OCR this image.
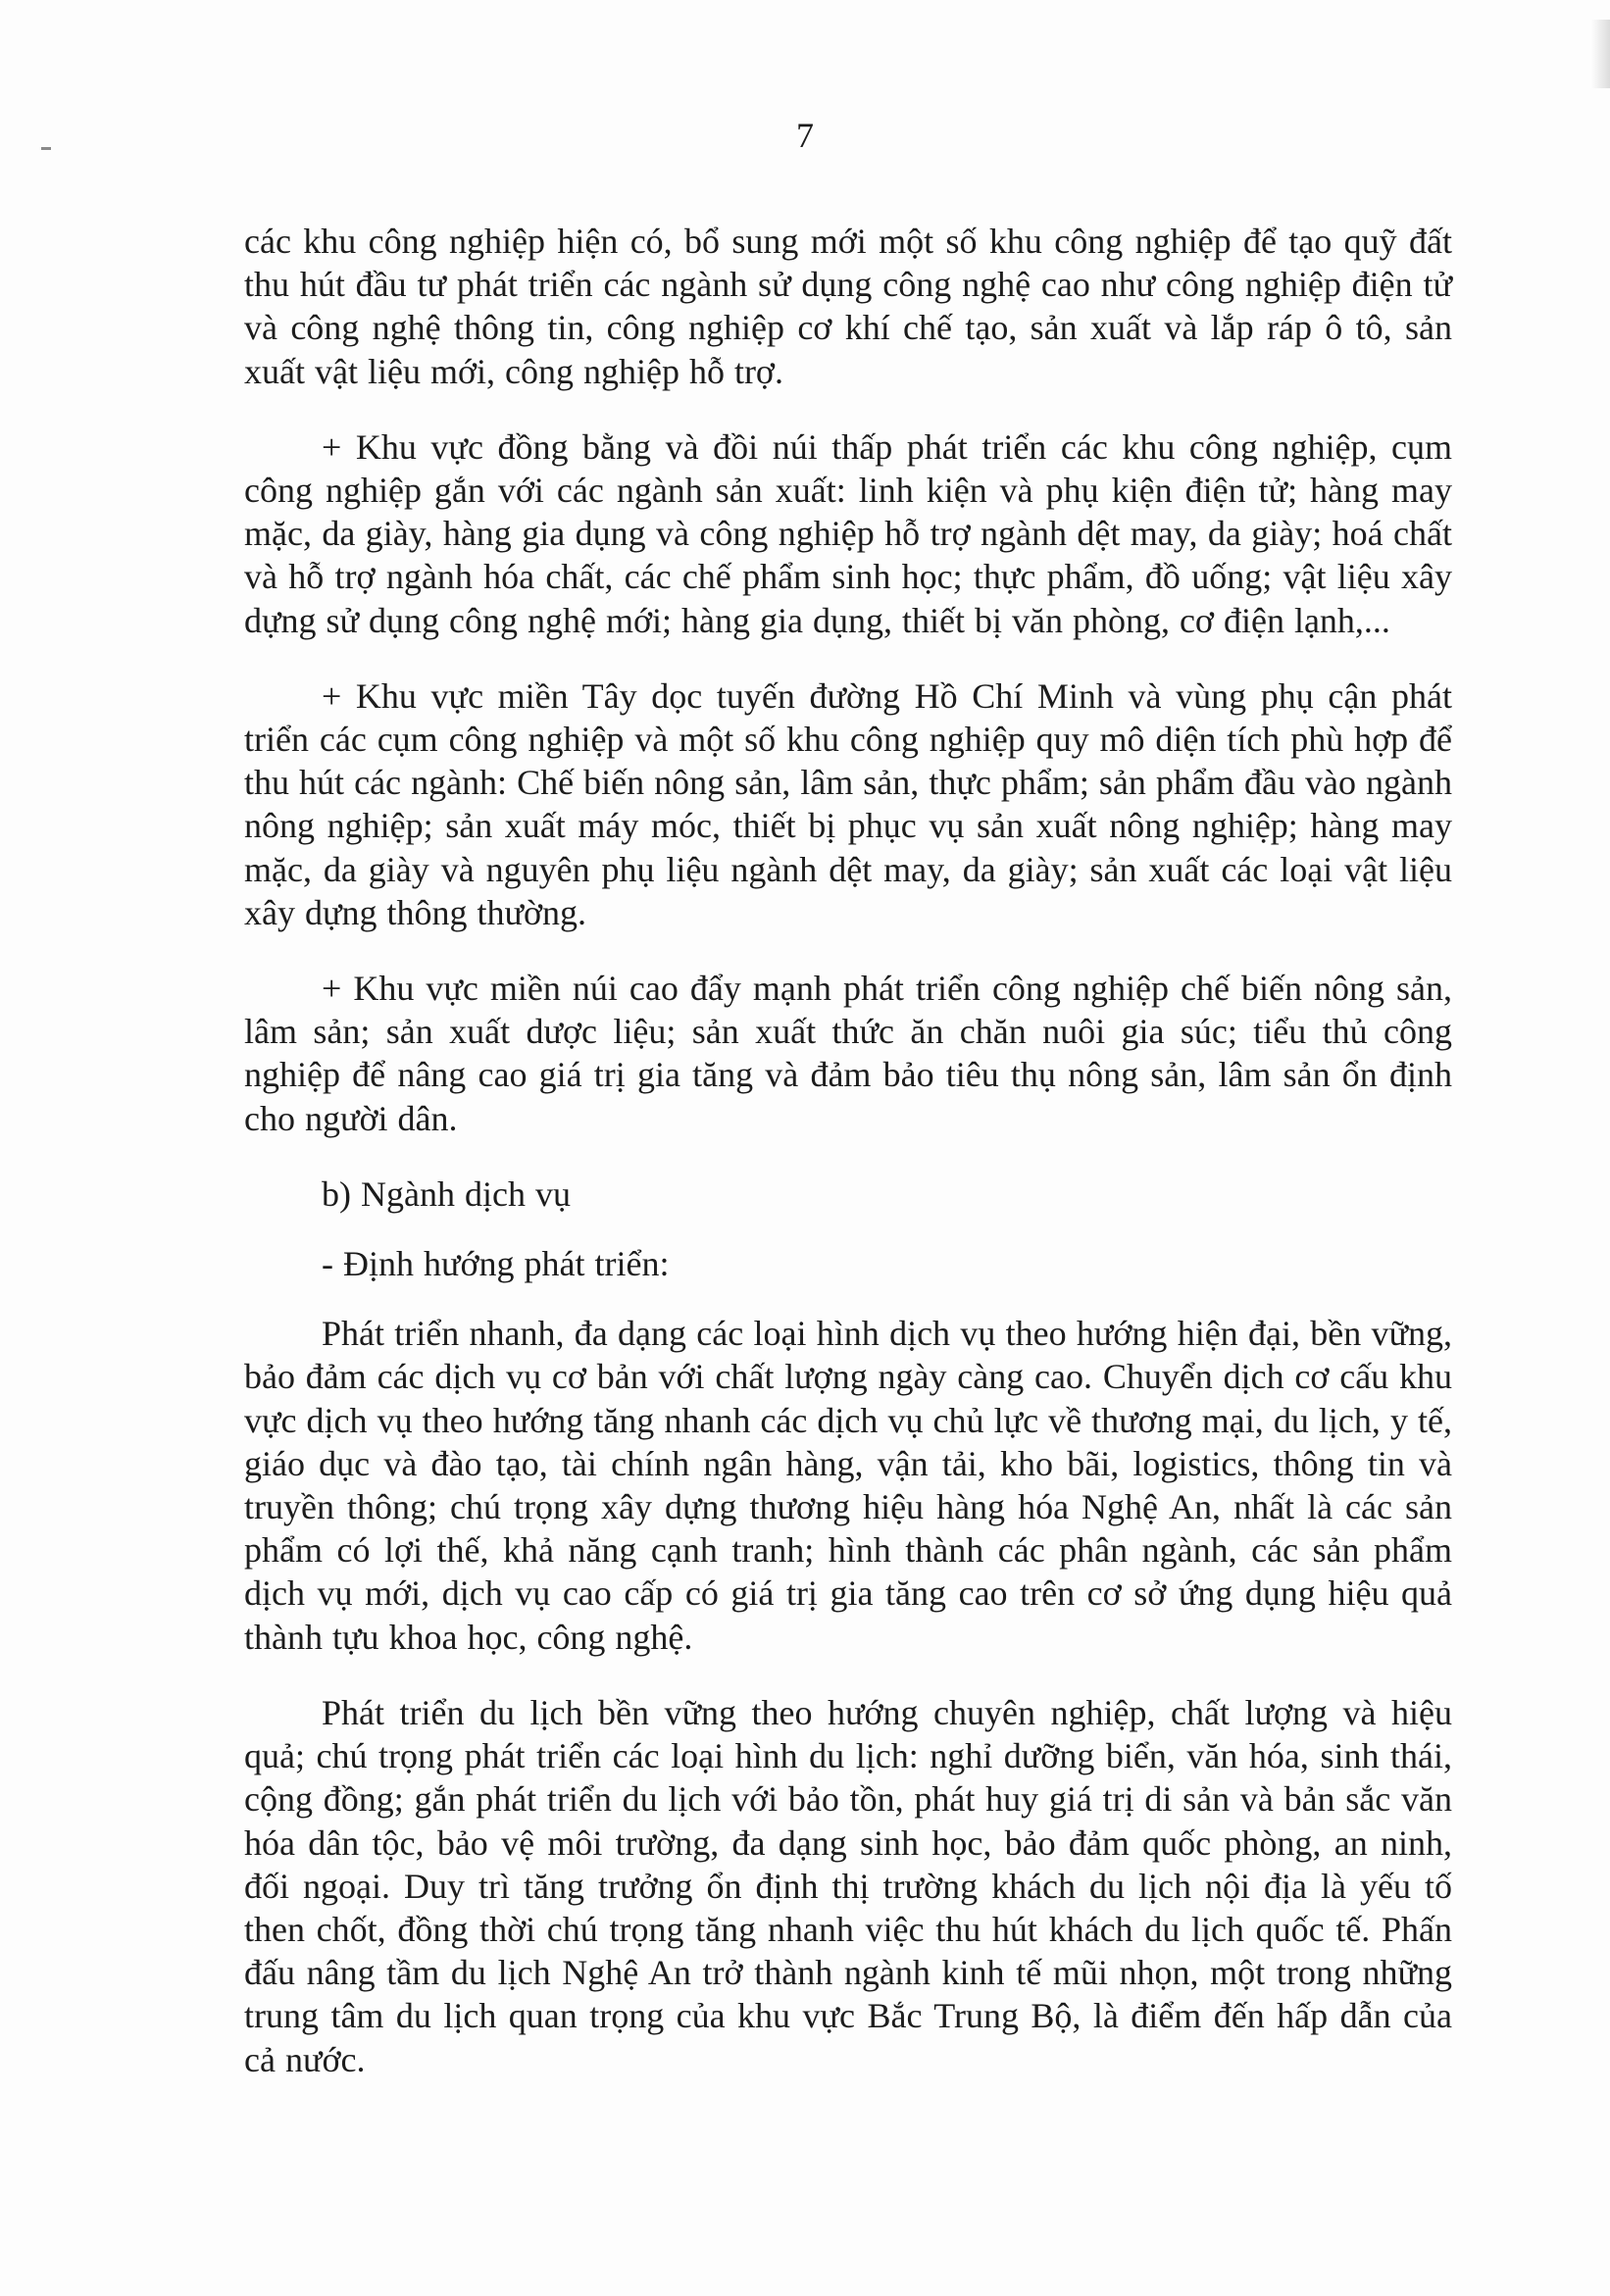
7

các khu công nghiệp hiện có, bổ sung mới một số khu công nghiệp để tạo quỹ đất thu hút đầu tư phát triển các ngành sử dụng công nghệ cao như công nghiệp điện tử và công nghệ thông tin, công nghiệp cơ khí chế tạo, sản xuất và lắp ráp ô tô, sản xuất vật liệu mới, công nghiệp hỗ trợ.

+ Khu vực đồng bằng và đồi núi thấp phát triển các khu công nghiệp, cụm công nghiệp gắn với các ngành sản xuất: linh kiện và phụ kiện điện tử; hàng may mặc, da giày, hàng gia dụng và công nghiệp hỗ trợ ngành dệt may, da giày; hoá chất và hỗ trợ ngành hóa chất, các chế phẩm sinh học; thực phẩm, đồ uống; vật liệu xây dựng sử dụng công nghệ mới; hàng gia dụng, thiết bị văn phòng, cơ điện lạnh,...

+ Khu vực miền Tây dọc tuyến đường Hồ Chí Minh và vùng phụ cận phát triển các cụm công nghiệp và một số khu công nghiệp quy mô diện tích phù hợp để thu hút các ngành: Chế biến nông sản, lâm sản, thực phẩm; sản phẩm đầu vào ngành nông nghiệp; sản xuất máy móc, thiết bị phục vụ sản xuất nông nghiệp; hàng may mặc, da giày và nguyên phụ liệu ngành dệt may, da giày; sản xuất các loại vật liệu xây dựng thông thường.

+ Khu vực miền núi cao đẩy mạnh phát triển công nghiệp chế biến nông sản, lâm sản; sản xuất dược liệu; sản xuất thức ăn chăn nuôi gia súc; tiểu thủ công nghiệp để nâng cao giá trị gia tăng và đảm bảo tiêu thụ nông sản, lâm sản ổn định cho người dân.

b) Ngành dịch vụ

- Định hướng phát triển:

Phát triển nhanh, đa dạng các loại hình dịch vụ theo hướng hiện đại, bền vững, bảo đảm các dịch vụ cơ bản với chất lượng ngày càng cao. Chuyển dịch cơ cấu khu vực dịch vụ theo hướng tăng nhanh các dịch vụ chủ lực về thương mại, du lịch, y tế, giáo dục và đào tạo, tài chính ngân hàng, vận tải, kho bãi, logistics, thông tin và truyền thông; chú trọng xây dựng thương hiệu hàng hóa Nghệ An, nhất là các sản phẩm có lợi thế, khả năng cạnh tranh; hình thành các phân ngành, các sản phẩm dịch vụ mới, dịch vụ cao cấp có giá trị gia tăng cao trên cơ sở ứng dụng hiệu quả thành tựu khoa học, công nghệ.

Phát triển du lịch bền vững theo hướng chuyên nghiệp, chất lượng và hiệu quả; chú trọng phát triển các loại hình du lịch: nghỉ dưỡng biển, văn hóa, sinh thái, cộng đồng; gắn phát triển du lịch với bảo tồn, phát huy giá trị di sản và bản sắc văn hóa dân tộc, bảo vệ môi trường, đa dạng sinh học, bảo đảm quốc phòng, an ninh, đối ngoại. Duy trì tăng trưởng ổn định thị trường khách du lịch nội địa là yếu tố then chốt, đồng thời chú trọng tăng nhanh việc thu hút khách du lịch quốc tế. Phấn đấu nâng tầm du lịch Nghệ An trở thành ngành kinh tế mũi nhọn, một trong những trung tâm du lịch quan trọng của khu vực Bắc Trung Bộ, là điểm đến hấp dẫn của cả nước.
